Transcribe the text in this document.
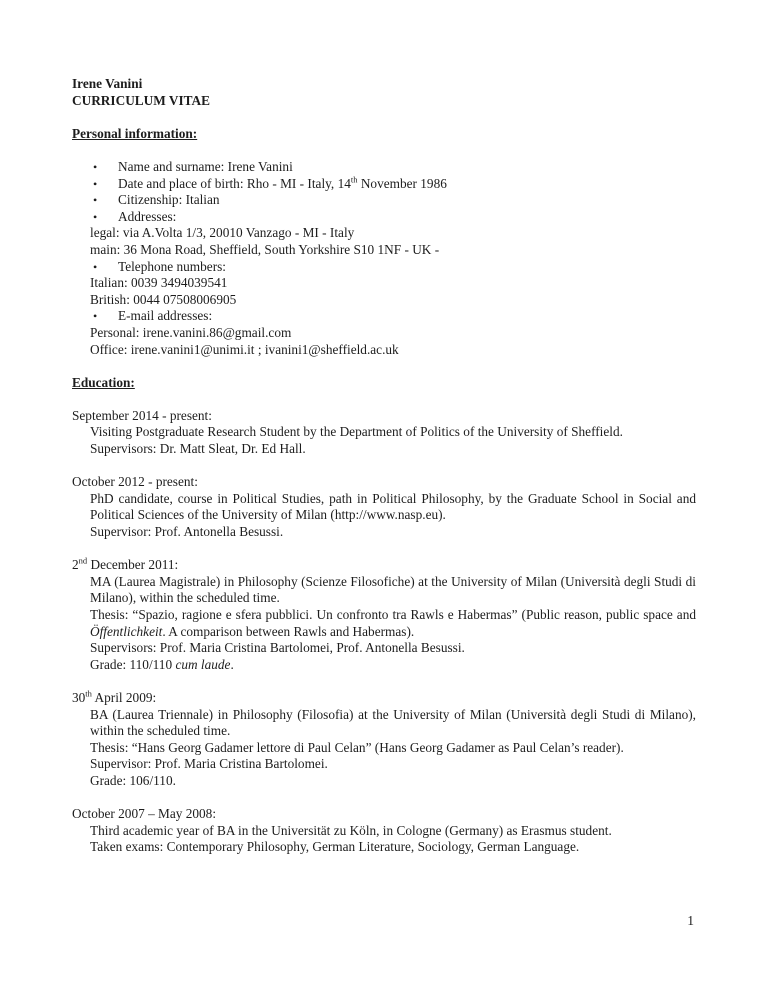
Irene Vanini

CURRICULUM VITAE

Personal information:

• Name and surname: Irene Vanini
• Date and place of birth: Rho - MI - Italy, 14th November 1986
• Citizenship: Italian
• Addresses:

legal: via A.Volta 1/3, 20010 Vanzago - MI - Italy

main: 36 Mona Road, Sheffield, South Yorkshire S10 1NF - UK -

• Telephone numbers:

Italian: 0039 3494039541

British: 0044 07508006905

• E-mail addresses:

Personal: irene.vanini.86@gmail.com

Office: irene.vanini1@unimi.it ; ivanini1@sheffield.ac.uk

Education:

September 2014 - present:

Visiting Postgraduate Research Student by the Department of Politics of the University of Sheffield.

Supervisors: Dr. Matt Sleat, Dr. Ed Hall.

October 2012 - present:

PhD candidate, course in Political Studies, path in Political Philosophy, by the Graduate School in Social and Political Sciences of the University of Milan (http://www.nasp.eu).

Supervisor: Prof. Antonella Besussi.

2nd December 2011:

MA (Laurea Magistrale) in Philosophy (Scienze Filosofiche) at the University of Milan (Università degli Studi di Milano), within the scheduled time.

Thesis: “Spazio, ragione e sfera pubblici. Un confronto tra Rawls e Habermas” (Public reason, public space and Öffentlichkeit. A comparison between Rawls and Habermas).

Supervisors: Prof. Maria Cristina Bartolomei, Prof. Antonella Besussi.

Grade: 110/110 cum laude.

30th April 2009:

BA (Laurea Triennale) in Philosophy (Filosofia) at the University of Milan (Università degli Studi di Milano), within the scheduled time.

Thesis: “Hans Georg Gadamer lettore di Paul Celan” (Hans Georg Gadamer as Paul Celan’s reader).

Supervisor: Prof. Maria Cristina Bartolomei.

Grade: 106/110.

October 2007 – May 2008:

Third academic year of BA in the Universität zu Köln, in Cologne (Germany) as Erasmus student.

Taken exams: Contemporary Philosophy, German Literature, Sociology, German Language.

1
